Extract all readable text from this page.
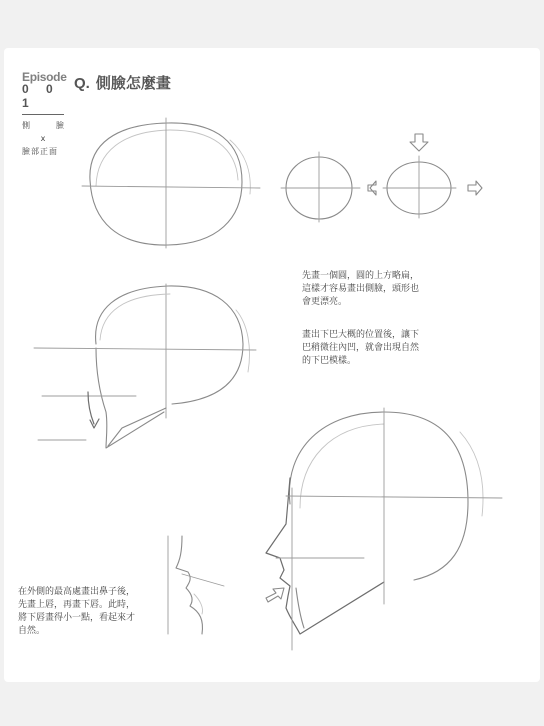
Episode
0 0 1
側	臉
x
臉部正面
Q. 側臉怎麼畫

先畫一個圓，圓的上方略扁，

這樣才容易畫出側臉，頭形也

會更漂亮。

畫出下巴大概的位置後，讓下

巴稍微往內凹，就會出現自然

的下巴模樣。

在外側的最高處畫出鼻子後，

先畫上唇，再畫下唇。此時，

將下唇畫得小一點，看起來才

自然。
